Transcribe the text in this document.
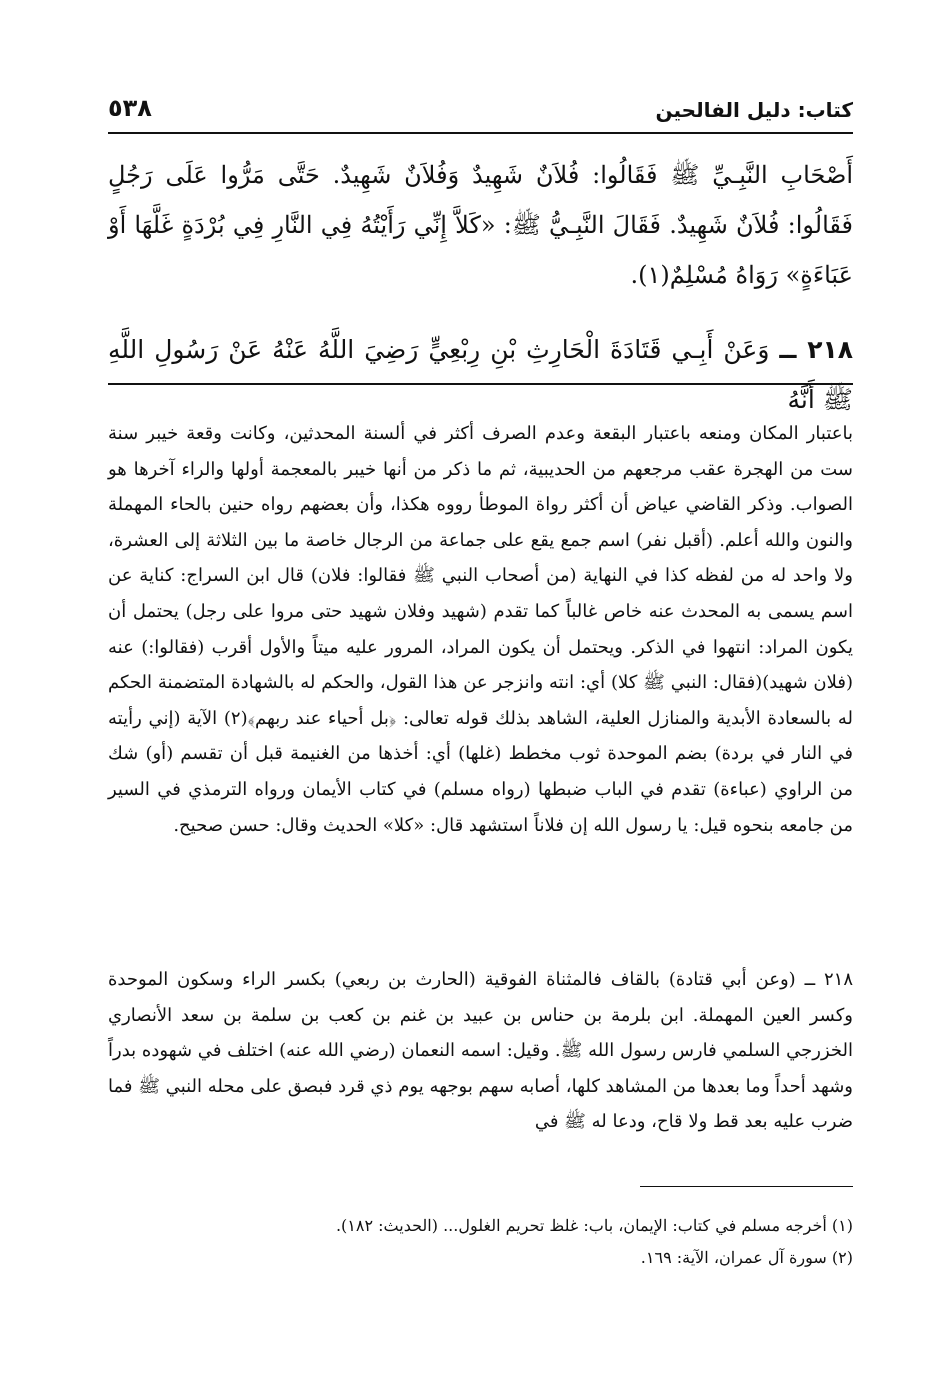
كتاب: دليل الفالحين
٥٣٨
أَصْحَابِ النَّبِـيِّ ﷺ فَقَالُوا: فُلاَنٌ شَهِيدٌ وَفُلاَنٌ شَهِيدٌ. حَتَّى مَرُّوا عَلَى رَجُلٍ فَقَالُوا: فُلاَنٌ شَهِيدٌ. فَقَالَ النَّبِـيُّ ﷺ: «كَلاَّ إِنِّي رَأَيْتُهُ فِي النَّارِ فِي بُرْدَةٍ غَلَّهَا أَوْ عَبَاءَةٍ» رَوَاهُ مُسْلِمٌ(١).
٢١٨ ــ وَعَنْ أَبِـي قَتَادَةَ الْحَارِثِ بْنِ رِبْعِيٍّ رَضِيَ اللَّهُ عَنْهُ عَنْ رَسُولِ اللَّهِ ﷺ أَنَّهُ
باعتبار المكان ومنعه باعتبار البقعة وعدم الصرف أكثر في ألسنة المحدثين، وكانت وقعة خيبر سنة ست من الهجرة عقب مرجعهم من الحديبية، ثم ما ذكر من أنها خيبر بالمعجمة أولها والراء آخرها هو الصواب. وذكر القاضي عياض أن أكثر رواة الموطأ رووه هكذا، وأن بعضهم رواه حنين بالحاء المهملة والنون والله أعلم. (أقبل نفر) اسم جمع يقع على جماعة من الرجال خاصة ما بين الثلاثة إلى العشرة، ولا واحد له من لفظه كذا في النهاية (من أصحاب النبي ﷺ فقالوا: فلان) قال ابن السراج: كناية عن اسم يسمى به المحدث عنه خاص غالباً كما تقدم (شهيد وفلان شهيد حتى مروا على رجل) يحتمل أن يكون المراد: انتهوا في الذكر. ويحتمل أن يكون المراد، المرور عليه ميتاً والأول أقرب (فقالوا:) عنه (فلان شهيد)(فقال: النبي ﷺ كلا) أي: انته وانزجر عن هذا القول، والحكم له بالشهادة المتضمنة الحكم له بالسعادة الأبدية والمنازل العلية، الشاهد بذلك قوله تعالى: ﴿بل أحياء عند ربهم﴾(٢) الآية (إني رأيته في النار في بردة) بضم الموحدة ثوب مخطط (غلها) أي: أخذها من الغنيمة قبل أن تقسم (أو) شك من الراوي (عباءة) تقدم في الباب ضبطها (رواه مسلم) في كتاب الأيمان ورواه الترمذي في السير من جامعه بنحوه قيل: يا رسول الله إن فلاناً استشهد قال: «كلا» الحديث وقال: حسن صحيح.
٢١٨ ــ (وعن أبي قتادة) بالقاف فالمثناة الفوقية (الحارث بن ربعي) بكسر الراء وسكون الموحدة وكسر العين المهملة. ابن بلرمة بن حناس بن عبيد بن غنم بن كعب بن سلمة بن سعد الأنصاري الخزرجي السلمي فارس رسول الله ﷺ. وقيل: اسمه النعمان (رضي الله عنه) اختلف في شهوده بدراً وشهد أحداً وما بعدها من المشاهد كلها، أصابه سهم بوجهه يوم ذي قرد فبصق على محله النبي ﷺ فما ضرب عليه بعد قط ولا قاح، ودعا له ﷺ في

(١) أخرجه مسلم في كتاب: الإيمان، باب: غلظ تحريم الغلول... (الحديث: ١٨٢).

(٢) سورة آل عمران، الآية: ١٦٩.
